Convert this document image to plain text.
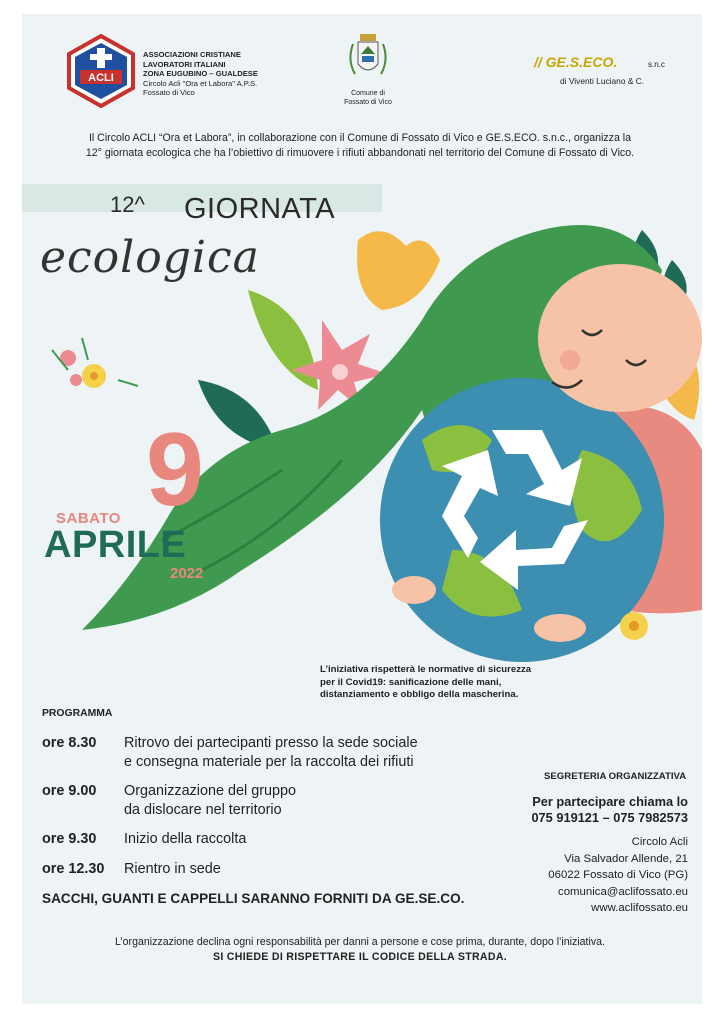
ACLI
ASSOCIAZIONI CRISTIANE
LAVORATORI ITALIANI
ZONA EUGUBINO – GUALDESE
Circolo Acli "Ora et Labora" A.P.S.
Fossato di Vico	Comune di
Fossato di Vico
// GE.S.ECO.	s.n.c
di Viventi Luciano & C.
Il Circolo ACLI “Ora et Labora”, in collaborazione con il Comune di Fossato di Vico e GE.S.ECO. s.n.c., organizza la
12° giornata ecologica che ha l’obiettivo di rimuovere i rifiuti abbandonati nel territorio del Comune di Fossato di Vico.
12^ GIORNATA
ecologica
9
SABATO
APRILE
2022
L’iniziativa rispetterà le normative di sicurezza
per il Covid19: sanificazione delle mani,
distanziamento e obbligo della mascherina.
PROGRAMMA
ore 8.30 Ritrovo dei partecipanti presso la sede sociale
e consegna materiale per la raccolta dei rifiuti
ore 9.00 Organizzazione del gruppo
da dislocare nel territorio
ore 9.30 Inizio della raccolta
ore 12.30 Rientro in sede
SACCHI, GUANTI E CAPPELLI SARANNO FORNITI DA GE.SE.CO.
SEGRETERIA ORGANIZZATIVA
Per partecipare chiama lo
075 919121 – 075 7982573
Circolo Acli
Via Salvador Allende, 21
06022 Fossato di Vico (PG)
comunica@aclifossato.eu
www.aclifossato.eu
L’organizzazione declina ogni responsabilità per danni a persone e cose prima, durante, dopo l’iniziativa.
SI CHIEDE DI RISPETTARE IL CODICE DELLA STRADA.
